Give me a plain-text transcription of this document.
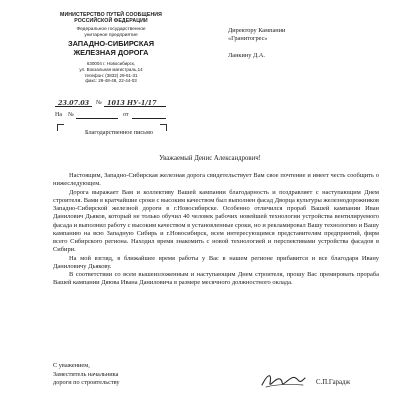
МИНИСТЕРСТВО ПУТЕЙ СООБЩЕНИЯ
РОССИЙСКОЙ ФЕДЕРАЦИИ
Федеральное государственное
унитарное предприятие
ЗАПАДНО-СИБИРСКАЯ
ЖЕЛЕЗНАЯ ДОРОГА
630004 г. Новосибирск,
ул. Вокзальная магистраль,14
телефон: (3832) 29-51-31
факс: 29-48-48, 22-44-03
23.07.03 № 1013 НУ-1/17
На №	от
Директору Кампании
«Гранитогрес»
Ланкину Д.А.
Благодарственное письмо
Уважаемый Денис Александрович!

Настоящим, Западно-Сибирская железная дорога свидетельствует Вам свое почтение и имеет честь сообщить о нижеследующем.

Дорога выражает Вам и коллективу Вашей кампании благодарность и поздравляет с наступающим Днем строителя. Вами в кратчайшие сроки с высоким качеством был выполнен фасад Дворца культуры железнодорожников Западно-Сибирской железной дороги в г.Новосибирске. Особенно отличился прораб Вашей кампании Иван Данилович Дьяков, который не только обучил 40 человек рабочих новейшей технологии устройства вентилируемого фасада и выполнил работу с высоким качеством в установленные сроки, но и рекламировал Вашу технологию и Вашу кампанию на всю Западную Сибирь и г.Новосибирск, всем интересующимся представителям предприятий, фирм всего Сибирского региона. Находил время знакомить с новой технологией и перспективами устройства фасадов в Сибири.

На мой взгляд, в ближайшее время работы у Вас в нашем регионе прибавится и все благодаря Ивану Даниловичу Дьякову.

В соответствии со всем вышеизложенным и наступающим Днем строителя, прошу Вас премировать прораба Вашей кампании Дяюва Ивана Даниловича в размере месячного должностного оклада.

С уважением,
Заместитель начальника
дороги по строительству	С.П.Гарадж
